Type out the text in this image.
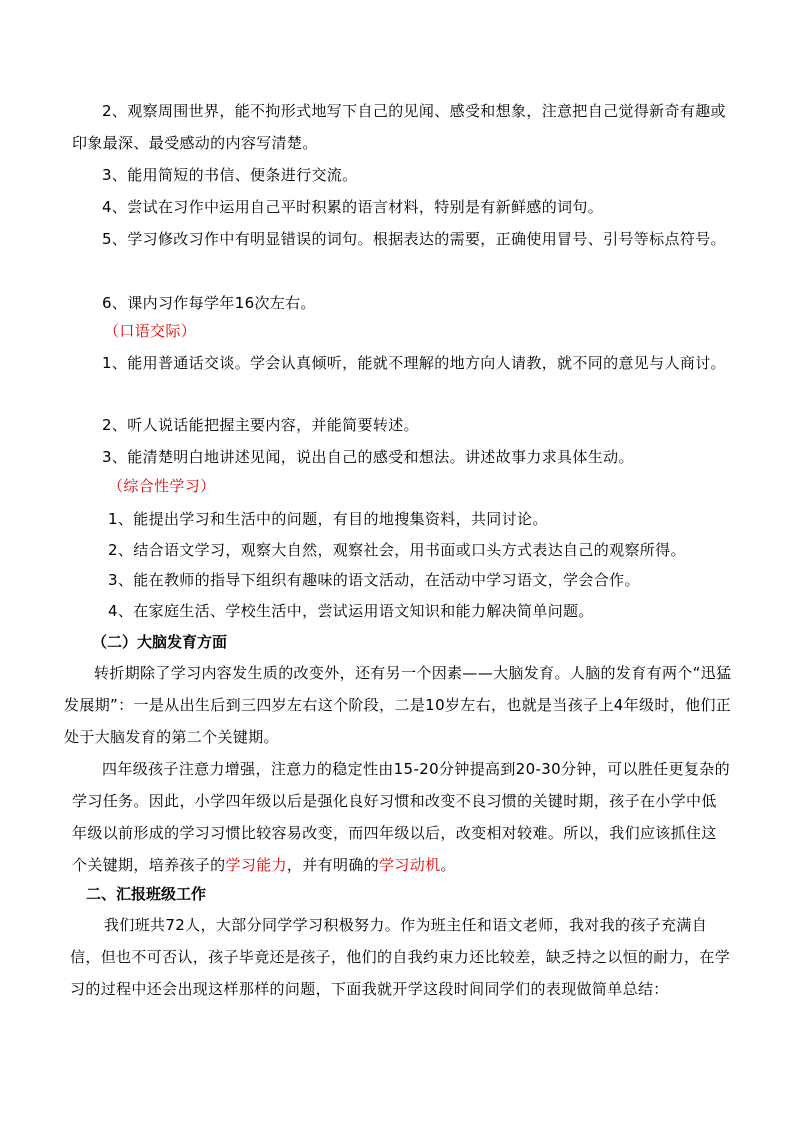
2、观察周围世界，能不拘形式地写下自己的见闻、感受和想象，注意把自己觉得新奇有趣或印象最深、最受感动的内容写清楚。

3、能用简短的书信、便条进行交流。

4、尝试在习作中运用自己平时积累的语言材料，特别是有新鲜感的词句。

5、学习修改习作中有明显错误的词句。根据表达的需要，正确使用冒号、引号等标点符号。

6、课内习作每学年16次左右。

（口语交际）

1、能用普通话交谈。学会认真倾听，能就不理解的地方向人请教，就不同的意见与人商讨。

2、听人说话能把握主要内容，并能简要转述。

3、能清楚明白地讲述见闻，说出自己的感受和想法。讲述故事力求具体生动。

（综合性学习）

1、能提出学习和生活中的问题，有目的地搜集资料，共同讨论。

2、结合语文学习，观察大自然，观察社会，用书面或口头方式表达自己的观察所得。

3、能在教师的指导下组织有趣味的语文活动，在活动中学习语文，学会合作。

4、在家庭生活、学校生活中，尝试运用语文知识和能力解决简单问题。

（二）大脑发育方面

转折期除了学习内容发生质的改变外，还有另一个因素——大脑发育。人脑的发育有两个“迅猛发展期”：一是从出生后到三四岁左右这个阶段，二是10岁左右，也就是当孩子上4年级时，他们正处于大脑发育的第二个关键期。

四年级孩子注意力增强，注意力的稳定性由15-20分钟提高到20-30分钟，可以胜任更复杂的学习任务。因此，小学四年级以后是强化良好习惯和改变不良习惯的关键时期，孩子在小学中低年级以前形成的学习习惯比较容易改变，而四年级以后，改变相对较难。所以，我们应该抓住这个关键期，培养孩子的学习能力，并有明确的学习动机。

二、汇报班级工作

我们班共72人，大部分同学学习积极努力。作为班主任和语文老师，我对我的孩子充满自信，但也不可否认，孩子毕竟还是孩子，他们的自我约束力还比较差，缺乏持之以恒的耐力，在学习的过程中还会出现这样那样的问题，下面我就开学这段时间同学们的表现做简单总结：
